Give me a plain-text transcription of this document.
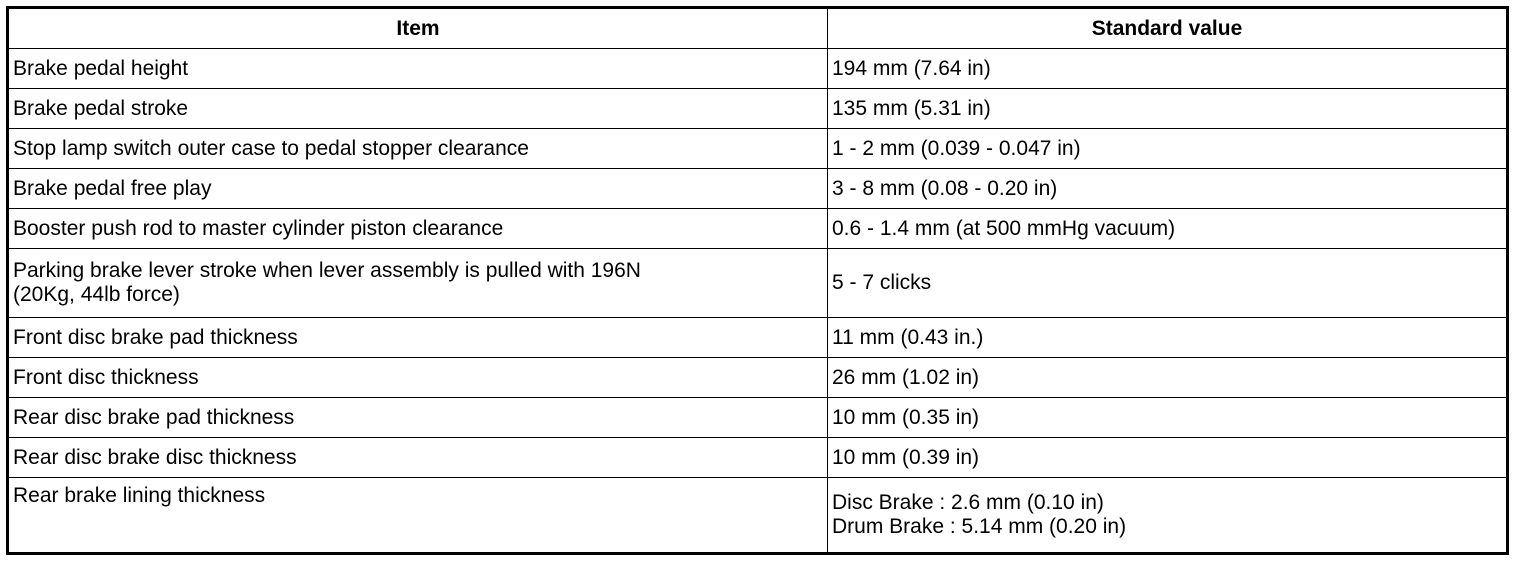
Item	Standard value
Brake pedal height	194 mm (7.64 in)

Brake pedal stroke	135 mm (5.31 in)

Stop lamp switch outer case to pedal stopper clearance	1 - 2 mm (0.039 - 0.047 in)

Brake pedal free play	3 - 8 mm (0.08 - 0.20 in)

Booster push rod to master cylinder piston clearance	0.6 - 1.4 mm (at 500 mmHg vacuum)

Parking brake lever stroke when lever assembly is pulled with 196N
(20Kg, 44lb force)	5 - 7 clicks

Front disc brake pad thickness	11 mm (0.43 in.)

Front disc thickness	26 mm (1.02 in)

Rear disc brake pad thickness	10 mm (0.35 in)

Rear disc brake disc thickness	10 mm (0.39 in)

Rear brake lining thickness	Disc Brake : 2.6 mm (0.10 in)
Drum Brake : 5.14 mm (0.20 in)
